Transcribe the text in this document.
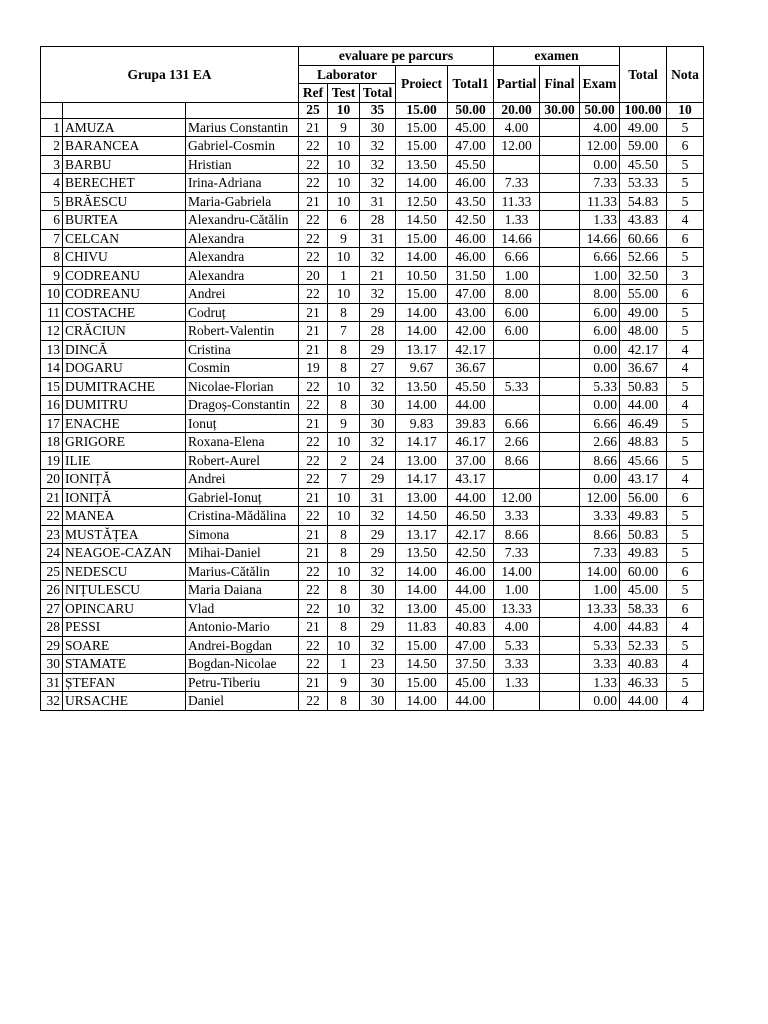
Grupa 131 EA			evaluare pe parcurs					examen			Total	Nota
			Laborator			Proiect	Total1	Partial	Final	Exam		
			Ref	Test	Total							
			25	10	35	15.00	50.00	20.00	30.00	50.00	100.00	10
1	AMUZA	Marius Constantin	21	9	30	15.00	45.00	4.00		4.00	49.00	5
2	BARANCEA	Gabriel-Cosmin	22	10	32	15.00	47.00	12.00		12.00	59.00	6
3	BARBU	Hristian	22	10	32	13.50	45.50			0.00	45.50	5
4	BERECHET	Irina-Adriana	22	10	32	14.00	46.00	7.33		7.33	53.33	5
5	BRĂESCU	Maria-Gabriela	21	10	31	12.50	43.50	11.33		11.33	54.83	5
6	BURTEA	Alexandru-Cătălin	22	6	28	14.50	42.50	1.33		1.33	43.83	4
7	CELCAN	Alexandra	22	9	31	15.00	46.00	14.66		14.66	60.66	6
8	CHIVU	Alexandra	22	10	32	14.00	46.00	6.66		6.66	52.66	5
9	CODREANU	Alexandra	20	1	21	10.50	31.50	1.00		1.00	32.50	3
10	CODREANU	Andrei	22	10	32	15.00	47.00	8.00		8.00	55.00	6
11	COSTACHE	Codruț	21	8	29	14.00	43.00	6.00		6.00	49.00	5
12	CRĂCIUN	Robert-Valentin	21	7	28	14.00	42.00	6.00		6.00	48.00	5
13	DINCĂ	Cristina	21	8	29	13.17	42.17			0.00	42.17	4
14	DOGARU	Cosmin	19	8	27	9.67	36.67			0.00	36.67	4
15	DUMITRACHE	Nicolae-Florian	22	10	32	13.50	45.50	5.33		5.33	50.83	5
16	DUMITRU	Dragoș-Constantin	22	8	30	14.00	44.00			0.00	44.00	4
17	ENACHE	Ionuț	21	9	30	9.83	39.83	6.66		6.66	46.49	5
18	GRIGORE	Roxana-Elena	22	10	32	14.17	46.17	2.66		2.66	48.83	5
19	ILIE	Robert-Aurel	22	2	24	13.00	37.00	8.66		8.66	45.66	5
20	IONIȚĂ	Andrei	22	7	29	14.17	43.17			0.00	43.17	4
21	IONIȚĂ	Gabriel-Ionuț	21	10	31	13.00	44.00	12.00		12.00	56.00	6
22	MANEA	Cristina-Mădălina	22	10	32	14.50	46.50	3.33		3.33	49.83	5
23	MUSTĂȚEA	Simona	21	8	29	13.17	42.17	8.66		8.66	50.83	5
24	NEAGOE-CAZAN	Mihai-Daniel	21	8	29	13.50	42.50	7.33		7.33	49.83	5
25	NEDESCU	Marius-Cătălin	22	10	32	14.00	46.00	14.00		14.00	60.00	6
26	NIȚULESCU	Maria Daiana	22	8	30	14.00	44.00	1.00		1.00	45.00	5
27	OPINCARU	Vlad	22	10	32	13.00	45.00	13.33		13.33	58.33	6
28	PESSI	Antonio-Mario	21	8	29	11.83	40.83	4.00		4.00	44.83	4
29	SOARE	Andrei-Bogdan	22	10	32	15.00	47.00	5.33		5.33	52.33	5
30	STAMATE	Bogdan-Nicolae	22	1	23	14.50	37.50	3.33		3.33	40.83	4
31	ȘTEFAN	Petru-Tiberiu	21	9	30	15.00	45.00	1.33		1.33	46.33	5
32	URSACHE	Daniel	22	8	30	14.00	44.00			0.00	44.00	4
